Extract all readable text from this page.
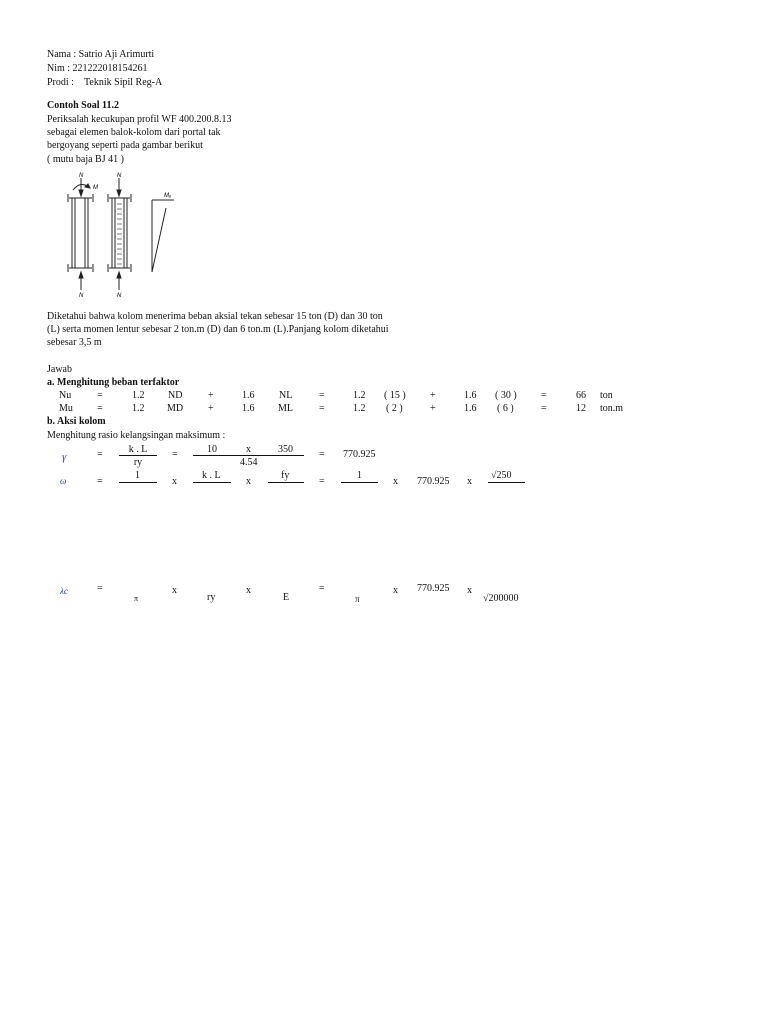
Nama : Satrio Aji Arimurti
Nim : 221222018154261
Prodi : Teknik Sipil Reg-A
Contoh Soal 11.2
Periksalah kecukupan profil WF 400.200.8.13
sebagai elemen balok-kolom dari portal tak
bergoyang seperti pada gambar berikut
( mutu baja BJ 41 )
N
M
N
N	N
Mᵤ
Diketahui bahwa kolom menerima beban aksial tekan sebesar 15 ton (D) dan 30 ton
(L) serta momen lentur sebesar 2 ton.m (D) dan 6 ton.m (L).Panjang kolom diketahui
sebesar 3,5 m
Jawab
a. Menghitung beban terfaktor
Nu	=	1.2 ND	+	1.6 NL	=	1.2 ( 15 ) +	1.6 ( 30 ) =	66 ton
Mu =	1.2 MD +	1.6 ML	=	1.2 ( 2 )	+	1.6 ( 6 )	=	12 ton.m
b. Aksi kolom
Menghitung rasio kelangsingan maksimum :
γ	=	k . L
ry
=	10	x	350
4.54
= 770.925
ω	=
1
x
k . L
x
fy
=
1
x 770.925 x
√250
λc	=
π
x
ry
x
E
=
π
x 770.925 x
√200000
